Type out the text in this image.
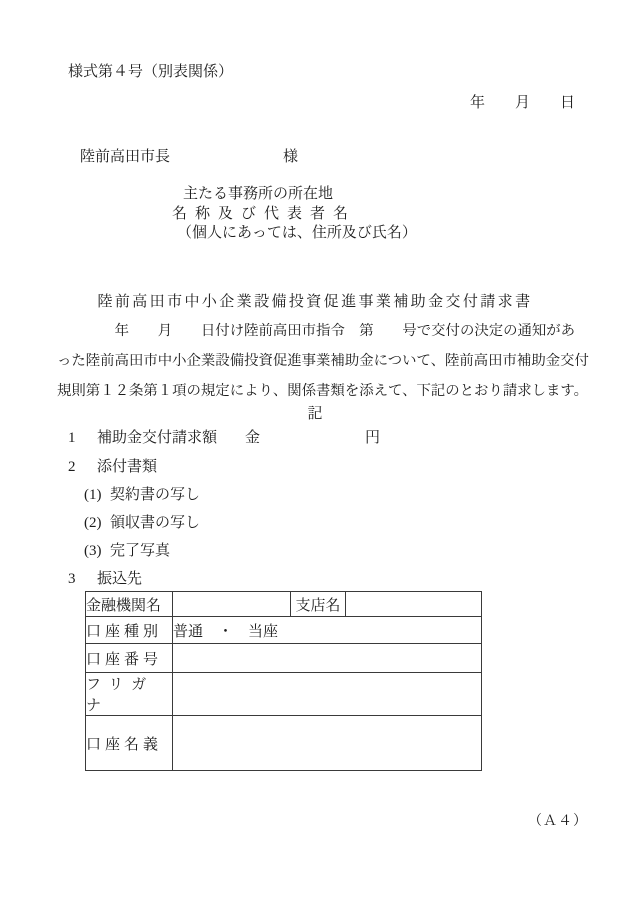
様式第４号（別表関係）
年　　月　　日
陸前高田市長	様
主たる事務所の所在地
名称及び代表者名
（個人にあっては、住所及び氏名）
陸前高田市中小企業設備投資促進事業補助金交付請求書
　　　　年　　月　　日付け陸前高田市指令　第　　号で交付の決定の通知があ
った陸前高田市中小企業設備投資促進事業補助金について、陸前高田市補助金交付
規則第１２条第１項の規定により、関係書類を添えて、下記のとおり請求します。
記
1 補助金交付請求額 金	円
2 添付書類
(1) 契約書の写し
(2) 領収書の写し
(3) 完了写真
3 振込先
金融機関名		支店名	
口座種別	普通　・　当座		
口座番号			
フリガナ			
口座名義			
（Ａ４）
